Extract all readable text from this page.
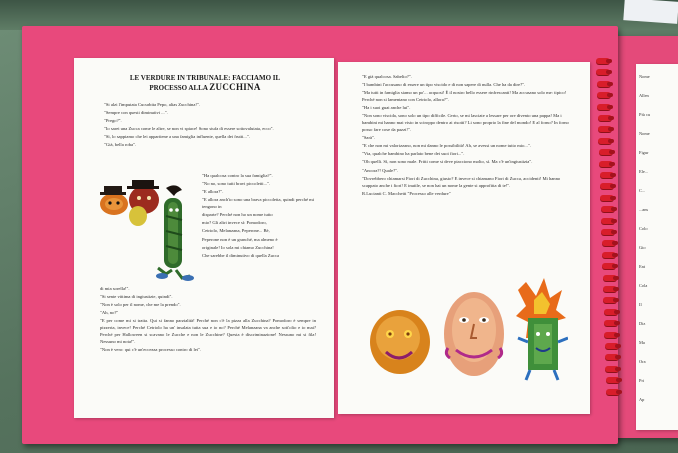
Nome
Allen
Più cu
Nome
Figur
Ele...
C...
...ans
Colo
Gio
Ent
Cola
Il
Diz
Ma
Ora
Pri
Ap
LE VERDURE IN TRIBUNALE: FACCIAMO IL
PROCESSO ALLA ZUCCHINA
"Si alzi l'imputata Cucurbita Pepo, alias Zucchina!".
"Sempre con questi diminutivi ...".
"Prego?".
"Io sarei una Zucca come le altre, se non vi spiace! Sono stufa di essere sottovalutata, ecco".
"Sì, lo sappiamo che lei appartiene a una famiglia influente, quella dei frutti...".
"Già, bella roba".
"Ha qualcosa contro la sua famiglia?".
"No no, sono tutti bravi piccoletti...".
"E allora?".
"E allora anch'io sono una brava piccoletta, quindi perché mi tengono in
disparte? Perché non ho un nome tutto
mio? Gli altri invece sì: Pomodoro,
Cetriolo, Melanzana, Peperone... Bè,
Peperone non è un granché, ma almeno è
originale! Io sola mi chiamo Zucchina!
Che sarebbe il diminutivo di quella Zucca
di mia sorella!".
"Si sente vittima di ingiustizie, quindi".
"Non è solo per il nome, che me la prendo".
"Ah, no?"
"E per come mi si tratta. Qui si fanno parzialità! Perché non c'è la pizza alla Zucchina? Pomodoro è sempre in pizzeria, invece! Perché Cetriolo ha un' insalata tutta sua e io no? Perché Melanzana va anche sott'olio e io mai? Perché per Halloween si scavano le Zucche e non le Zucchine? Questa è discriminazione! Nessuno mi si fila! Nessuno mi nota!".
"Non è vero: qui c'è un'eccezza processo contro di lei".
"E già qualcosa. Sabelio?".
"I bambini l'accusano di essere un tipo viscido e di non sapere di nulla. Che ha da dire?".
"Ma tutti in famiglia siamo un po'... acquosi! È il nostro bello essere rinfrescanti! Ma accusano solo me: tipico! Perché non si lamentano con Cetriolo, allora?".
"Ha i suoi guai anche lui".
"Non sono viscida, sono solo un tipo difficile. Certo, se mi lasciate a lessare per ore divento una pappa! Ma i bambini mi hanno mai visto in sciroppo dentro ai risotti? Li sono proprio la fine del mondo! E al forno? In forno posso fare cose da pazzi!".
"Sarà".
"E che non mi valorizzano, non mi danno le possibilità! Ah, se avessi un nome tutto mio...".
"Via, qualche bambino ha parlato bene dei suoi fiori...".
"Oh quelli. Sì, non sono male. Fritti come si deve piacciono molto, sì. Ma c'è un'ingiustizia".
"Ancora?! Quale?".
"Dovrebbero chiamarsi Fiori di Zucchina, giusto? E invece si chiamano Fiori di Zucca, accidenti! Mi hanno scappato anche i fiori! E inutile, se non hai un nome la gente si approfitta di te!".
R.Lucianti C. Macchetti "Processo alle verdure"
